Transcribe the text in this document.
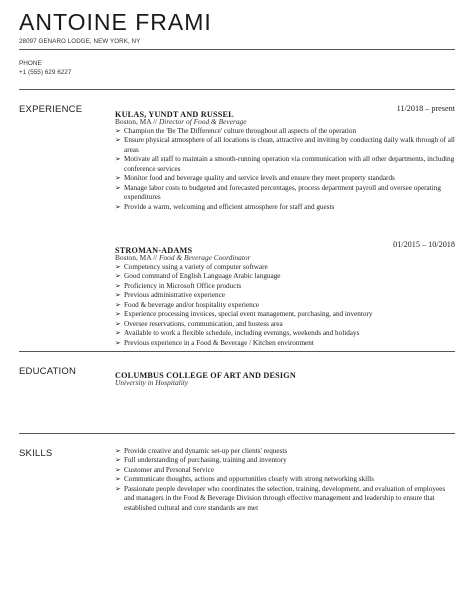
ANTOINE FRAMI
28097 GENARO LODGE, NEW YORK, NY
PHONE
+1 (555) 629 6227
EXPERIENCE	KULAS, YUNDT AND RUSSEL
11/2018 – present
Boston, MA // Director of Food & Beverage
➢ Champion the 'Be The Difference' culture throughout all aspects of the operation
➢ Ensure physical atmosphere of all locations is clean, attractive and inviting by conducting daily walk through of all areas
➢ Motivate all staff to maintain a smooth-running operation via communication with all other departments, including conference services
➢ Monitor food and beverage quality and service levels and ensure they meet property standards
➢ Manage labor costs to budgeted and forecasted percentages, process department payroll and oversee operating expenditures
➢ Provide a warm, welcoming and efficient atmosphere for staff and guests
STROMAN-ADAMS
01/2015 – 10/2018
Boston, MA // Food & Beverage Coordinator
➢ Competency using a variety of computer software
➢ Good command of English Language Arabic language
➢ Proficiency in Microsoft Office products
➢ Previous administrative experience
➢ Food & beverage and/or hospitality experience
➢ Experience processing invoices, special event management, purchasing, and inventory
➢ Oversee reservations, communication, and hostess area
➢ Available to work a flexible schedule, including evenings, weekends and holidays
➢ Previous experience in a Food & Beverage / Kitchen environment
EDUCATION	COLUMBUS COLLEGE OF ART AND DESIGN
University in Hospitality
SKILLS	➢ Provide creative and dynamic set-up per clients' requests
➢ Full understanding of purchasing, training and inventory
➢ Customer and Personal Service
➢ Communicate thoughts, actions and opportunities clearly with strong networking skills
➢ Passionate people developer who coordinates the selection, training, development, and evaluation of employees and managers in the Food & Beverage Division through effective management and leadership to ensure that established cultural and core standards are met
